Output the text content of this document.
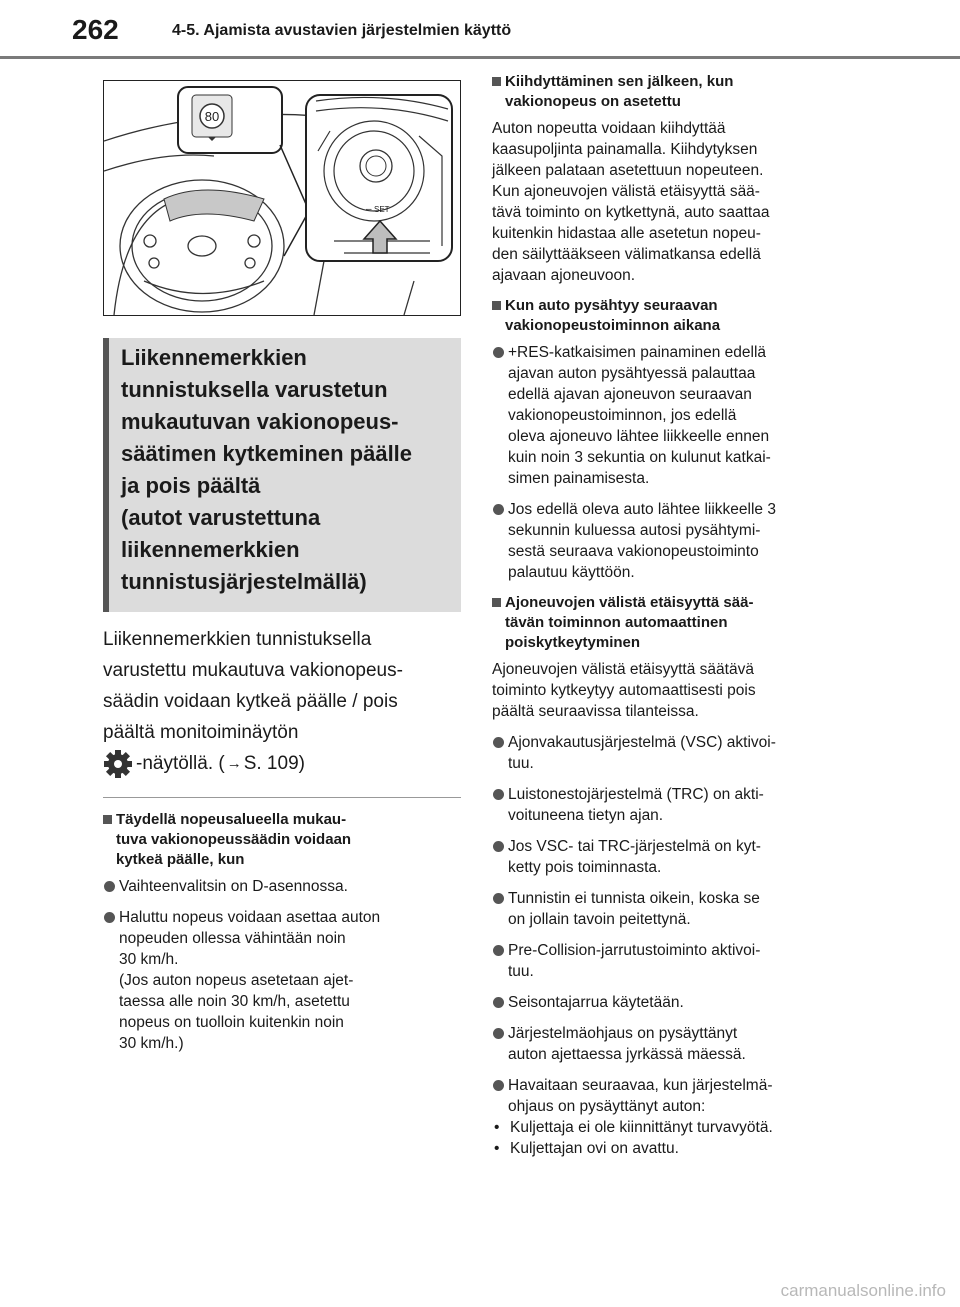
262	4-5. Ajamista avustavien järjestelmien käyttö
80
– SET
Liikennemerkkien
tunnistuksella varustetun
mukautuvan vakionopeus-
säätimen kytkeminen päälle
ja pois päältä
(autot varustettuna
liikennemerkkien
tunnistusjärjestelmällä)
Liikennemerkkien tunnistuksella
varustettu mukautuva vakionopeus-
säädin voidaan kytkeä päälle / pois
päältä monitoiminäytön
-näytöllä. ( → S. 109)
Täydellä nopeusalueella mukau-
tuva vakionopeussäädin voidaan
kytkeä päälle, kun
Vaihteenvalitsin on D-asennossa.
Haluttu nopeus voidaan asettaa auton
nopeuden ollessa vähintään noin
30 km/h.
(Jos auton nopeus asetetaan ajet-
taessa alle noin 30 km/h, asetettu
nopeus on tuolloin kuitenkin noin
30 km/h.)
Kiihdyttäminen sen jälkeen, kun
vakionopeus on asetettu
Auton nopeutta voidaan kiihdyttää
kaasupoljinta painamalla. Kiihdytyksen
jälkeen palataan asetettuun nopeuteen.
Kun ajoneuvojen välistä etäisyyttä sää-
tävä toiminto on kytkettynä, auto saattaa
kuitenkin hidastaa alle asetetun nopeu-
den säilyttääkseen välimatkansa edellä
ajavaan ajoneuvoon.
Kun auto pysähtyy seuraavan
vakionopeustoiminnon aikana
+RES-katkaisimen painaminen edellä
ajavan auton pysähtyessä palauttaa
edellä ajavan ajoneuvon seuraavan
vakionopeustoiminnon, jos edellä
oleva ajoneuvo lähtee liikkeelle ennen
kuin noin 3 sekuntia on kulunut katkai-
simen painamisesta.
Jos edellä oleva auto lähtee liikkeelle 3
sekunnin kuluessa autosi pysähtymi-
sestä seuraava vakionopeustoiminto
palautuu käyttöön.
Ajoneuvojen välistä etäisyyttä sää-
tävän toiminnon automaattinen
poiskytkeytyminen
Ajoneuvojen välistä etäisyyttä säätävä
toiminto kytkeytyy automaattisesti pois
päältä seuraavissa tilanteissa.
Ajonvakautusjärjestelmä (VSC) aktivoi-
tuu.
Luistonestojärjestelmä (TRC) on akti-
voituneena tietyn ajan.
Jos VSC- tai TRC-järjestelmä on kyt-
ketty pois toiminnasta.
Tunnistin ei tunnista oikein, koska se
on jollain tavoin peitettynä.
Pre-Collision-jarrutustoiminto aktivoi-
tuu.
Seisontajarrua käytetään.
Järjestelmäohjaus on pysäyttänyt
auton ajettaessa jyrkässä mäessä.
Havaitaan seuraavaa, kun järjestelmä-
ohjaus on pysäyttänyt auton:
• Kuljettaja ei ole kiinnittänyt turvavyötä.
• Kuljettajan ovi on avattu.
carmanualsonline.info
